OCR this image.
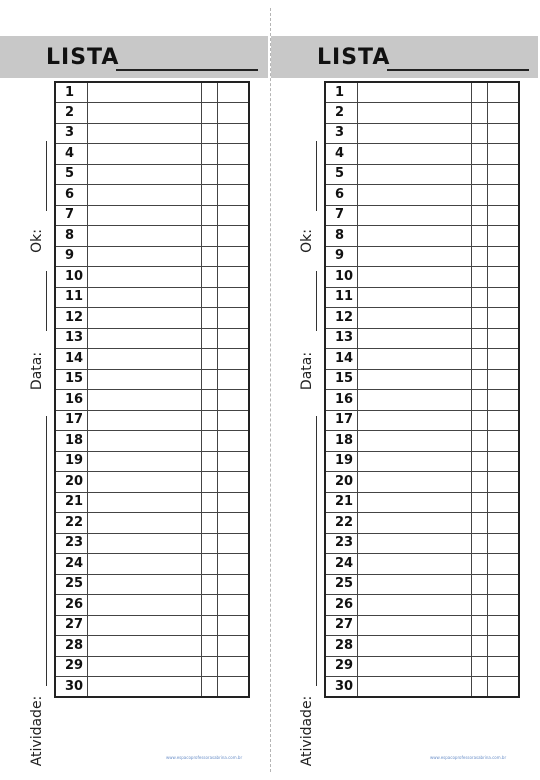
LISTA
Ok:
Data:
Atividade:
1			
2			
3			
4			
5			
6			
7			
8			
9			
10			
11			
12			
13			
14			
15			
16			
17			
18			
19			
20			
21			
22			
23			
24			
25			
26			
27			
28			
29			
30			
www.espacoprofessorasabrina.com.br
LISTA
Ok:
Data:
Atividade:
1			
2			
3			
4			
5			
6			
7			
8			
9			
10			
11			
12			
13			
14			
15			
16			
17			
18			
19			
20			
21			
22			
23			
24			
25			
26			
27			
28			
29			
30			
www.espacoprofessorasabrina.com.br
